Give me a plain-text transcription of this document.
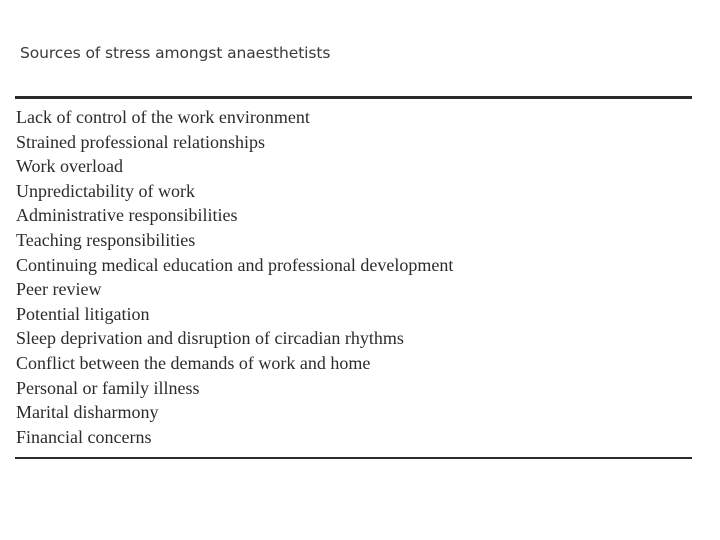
Sources of stress amongst anaesthetists
Lack of control of the work environment
Strained professional relationships
Work overload
Unpredictability of work
Administrative responsibilities
Teaching responsibilities
Continuing medical education and professional development
Peer review
Potential litigation
Sleep deprivation and disruption of circadian rhythms
Conflict between the demands of work and home
Personal or family illness
Marital disharmony
Financial concerns
